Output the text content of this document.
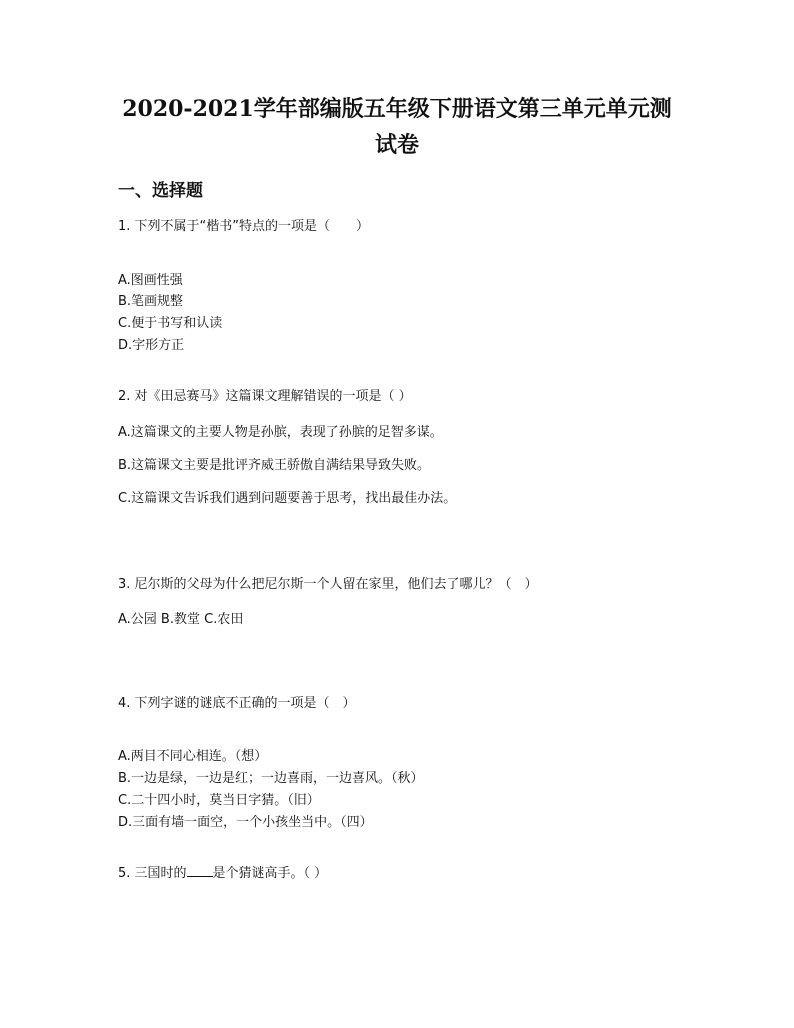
2020-2021学年部编版五年级下册语文第三单元单元测
试卷
一、选择题
1. 下列不属于“楷书”特点的一项是（　　）
A.图画性强
B.笔画规整
C.便于书写和认读
D.字形方正
2. 对《田忌赛马》这篇课文理解错误的一项是（ ）
A.这篇课文的主要人物是孙膑，表现了孙膑的足智多谋。
B.这篇课文主要是批评齐威王骄傲自满结果导致失败。
C.这篇课文告诉我们遇到问题要善于思考，找出最佳办法。
3. 尼尔斯的父母为什么把尼尔斯一个人留在家里，他们去了哪儿？（　）
A.公园 B.教堂 C.农田
4. 下列字谜的谜底不正确的一项是（　）
A.两目不同心相连。（想）
B.一边是绿，一边是红；一边喜雨，一边喜风。（秋）
C.二十四小时，莫当日字猜。（旧）
D.三面有墙一面空，一个小孩坐当中。（四）
5. 三国时的 是个猜谜高手。（ ）
